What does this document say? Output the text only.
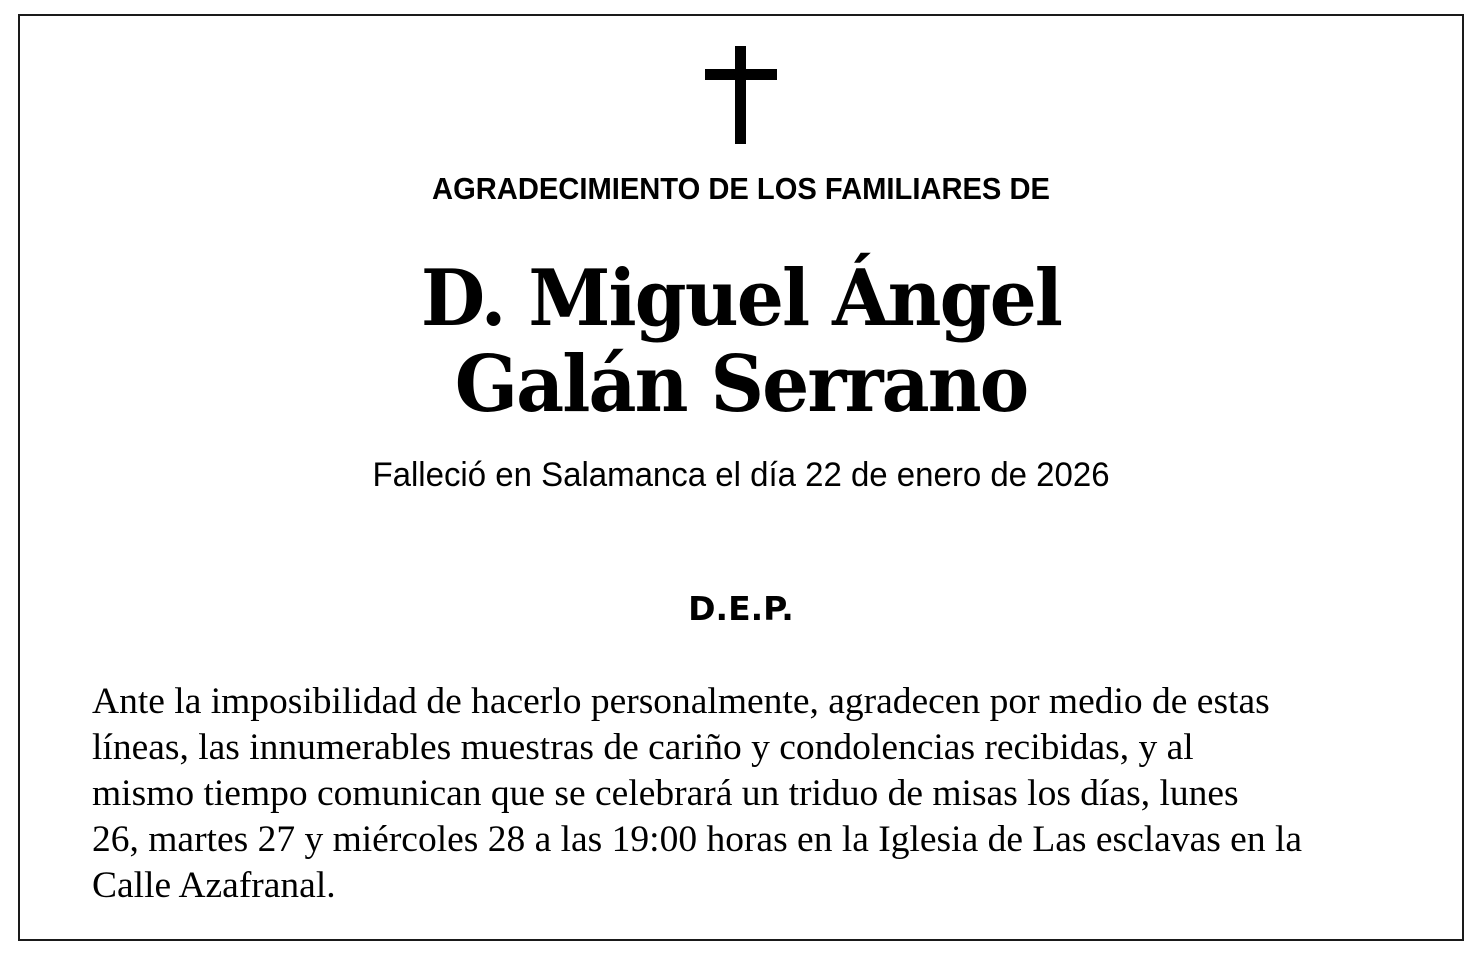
AGRADECIMIENTO DE LOS FAMILIARES DE
D. Miguel Ángel
Galán Serrano
Falleció en Salamanca el día 22 de enero de 2026
D.E.P.
Ante la imposibilidad de hacerlo personalmente, agradecen por medio de estas
líneas, las innumerables muestras de cariño y condolencias recibidas, y al
mismo tiempo comunican que se celebrará un triduo de misas los días, lunes
26, martes 27 y miércoles 28 a las 19:00 horas en la Iglesia de Las esclavas en la
Calle Azafranal.
